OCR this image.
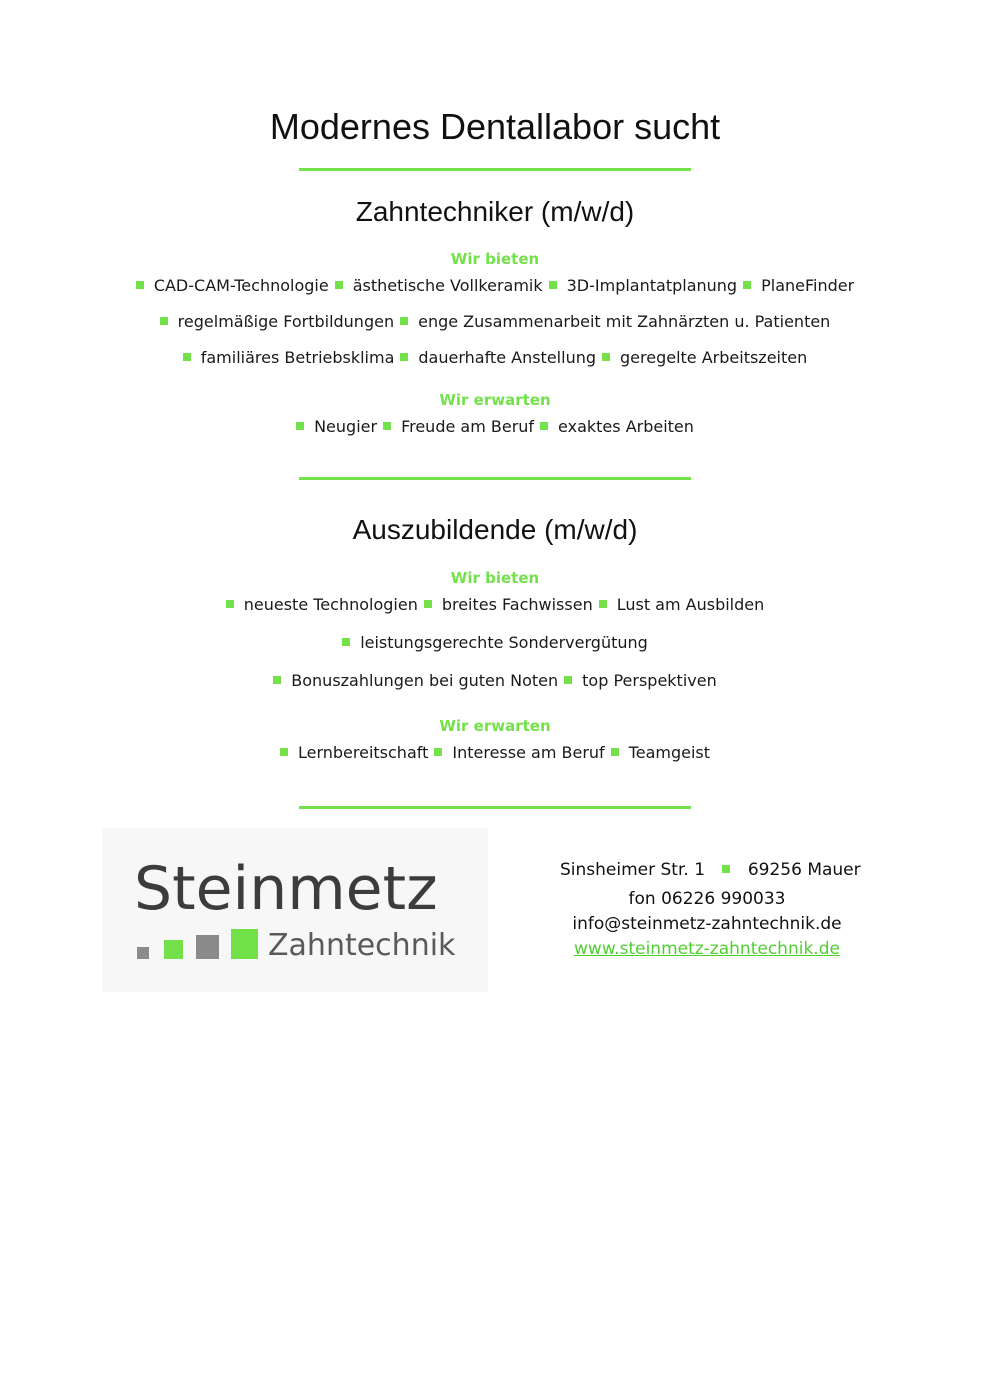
Modernes Dentallabor sucht
Zahntechniker (m/w/d)
Wir bieten
CAD-CAM-Technologie ästhetische Vollkeramik 3D-Implantatplanung PlaneFinder
regelmäßige Fortbildungen enge Zusammenarbeit mit Zahnärzten u. Patienten
familiäres Betriebsklima dauerhafte Anstellung geregelte Arbeitszeiten
Wir erwarten
Neugier Freude am Beruf exaktes Arbeiten
Auszubildende (m/w/d)
Wir bieten
neueste Technologien breites Fachwissen Lust am Ausbilden
leistungsgerechte Sondervergütung
Bonuszahlungen bei guten Noten top Perspektiven
Wir erwarten
Lernbereitschaft Interesse am Beruf Teamgeist
Steinmetz
Zahntechnik
Sinsheimer Str. 1	69256 Mauer
fon 06226 990033
info@steinmetz-zahntechnik.de
www.steinmetz-zahntechnik.de
